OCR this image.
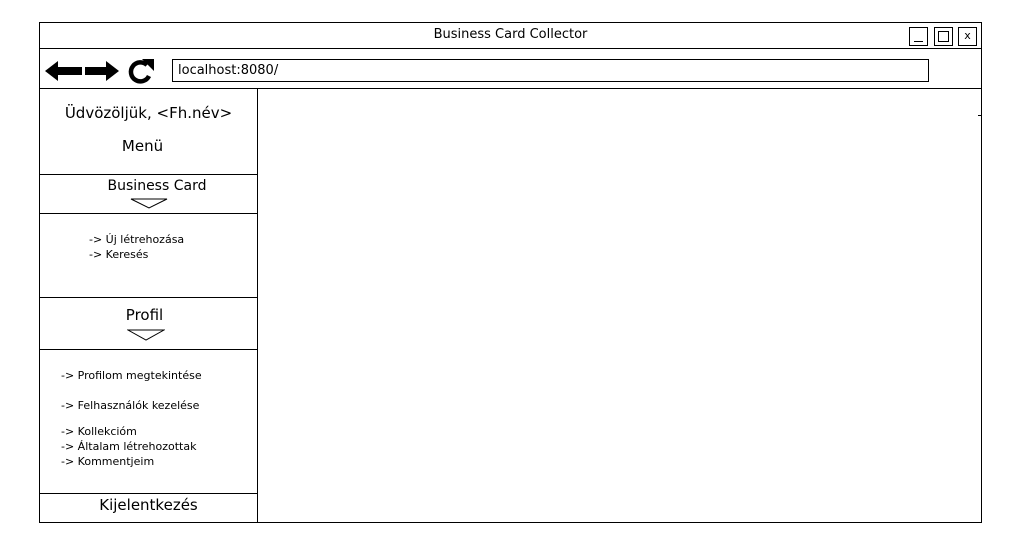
Business Card Collector	x
localhost:8080/
Üdvözöljük, <Fh.név>
Menü
Business Card
-> Új létrehozása
-> Keresés
Profil
-> Profilom megtekintése
-> Felhasználók kezelése
-> Kollekcióm
-> Általam létrehozottak
-> Kommentjeim
Kijelentkezés
